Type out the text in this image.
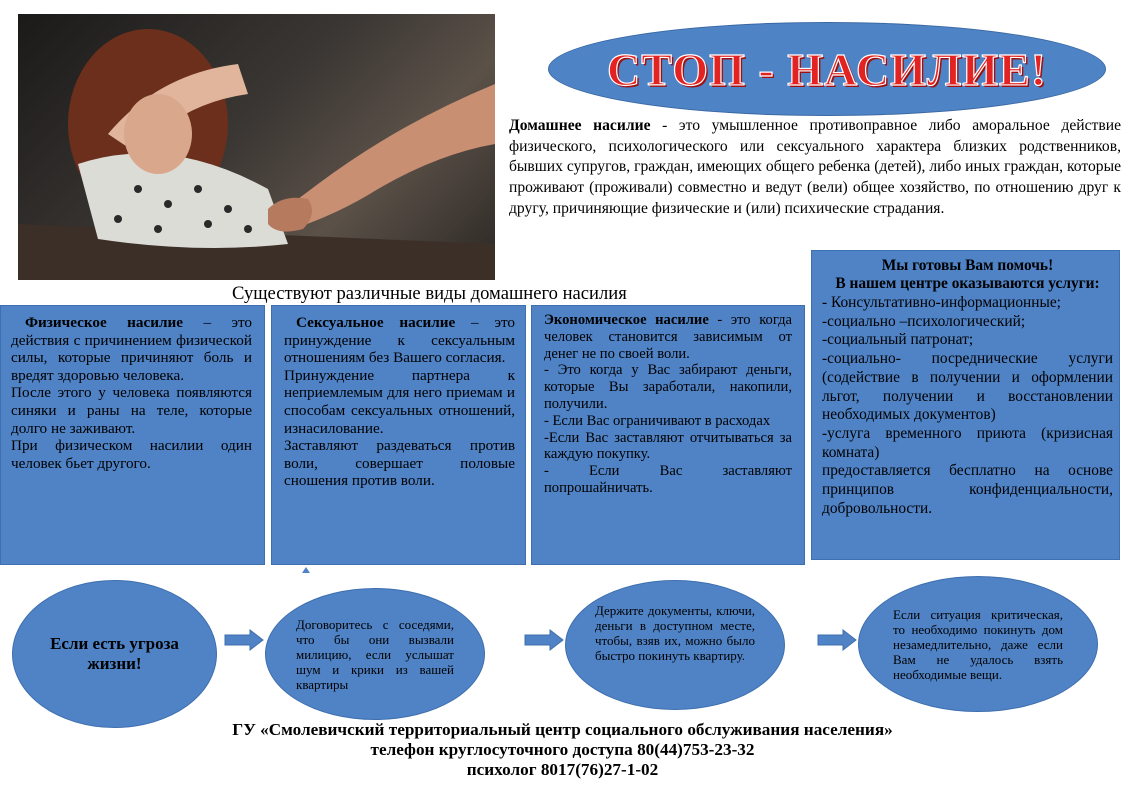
СТОП - НАСИЛИЕ!
Домашнее насилие - это умышленное противоправное либо аморальное действие физического, психологического или сексуального характера близких родственников, бывших супругов, граждан, имеющих общего ребенка (детей), либо иных граждан, которые проживают (проживали) совместно и ведут (вели) общее хозяйство, по отношению друг к другу, причиняющие физические и (или) психические страдания.
Мы готовы Вам помочь!
В нашем центре оказываются услуги:
- Консультативно-информационные;
-социально –психологический;
-социальный патронат;
-социально- посреднические услуги (содействие в получении и оформлении льгот, получении и восстановлении необходимых документов)
-услуга временного приюта (кризисная комната)
предоставляется бесплатно на основе принципов конфиденциальности, добровольности.
Существуют различные виды домашнего насилия

Физическое насилие – это действия с причинением физической силы, которые причиняют боль и вредят здоровью человека.

После этого у человека появляются синяки и раны на теле, которые долго не заживают.

При физическом насилии один человек бьет другого.

Сексуальное насилие – это принуждение к сексуальным отношениям без Вашего согласия.

Принуждение партнера к неприемлемым для него приемам и способам сексуальных отношений, изнасилование.

Заставляют раздеваться против воли, совершает половые сношения против воли.

Экономическое насилие - это когда человек становится зависимым от денег не по своей воли.

- Это когда у Вас забирают деньги, которые Вы заработали, накопили, получили.

- Если Вас ограничивают в расходах

-Если Вас заставляют отчитываться за каждую покупку.

- Если Вас заставляют попрошайничать.

Если есть угроза жизни!
Договоритесь с соседями, что бы они вызвали милицию, если услышат шум и крики из вашей квартиры
Держите документы, ключи, деньги в доступном месте, чтобы, взяв их, можно было быстро покинуть квартиру.
Если ситуация критическая, то необходимо покинуть дом незамедлительно, даже если Вам не удалось взять необходимые вещи.
ГУ «Смолевичский территориальный центр социального обслуживания населения»
телефон круглосуточного доступа 80(44)753-23-32
психолог 8017(76)27-1-02
